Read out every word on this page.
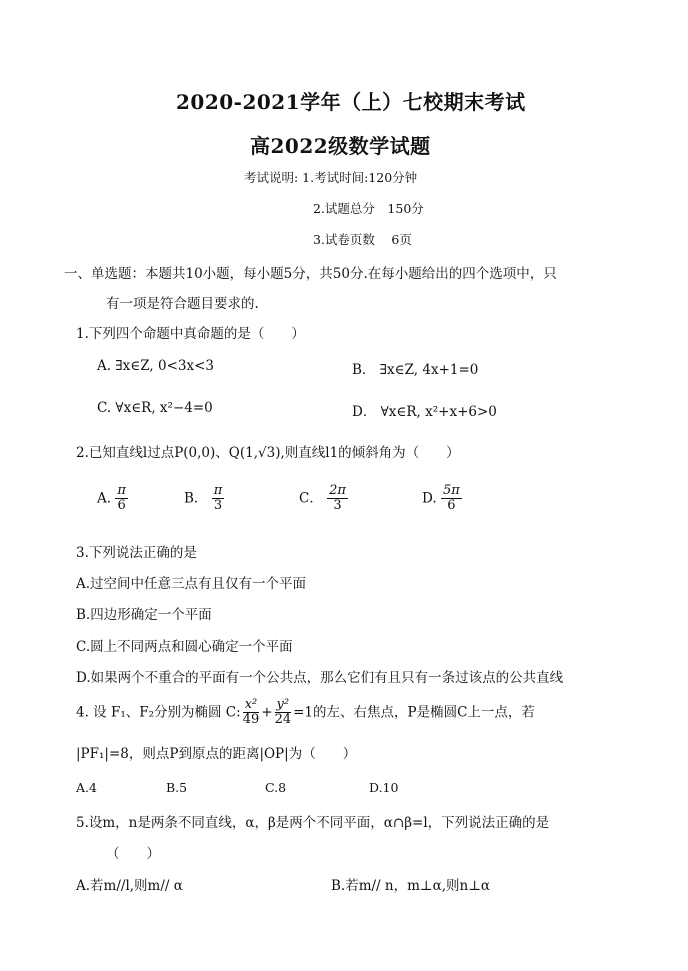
2020-2021学年（上）七校期末考试
高2022级数学试题
考试说明: 1.考试时间:120分钟
2.试题总分　150分
3.试卷页数　 6页
一、单选题：本题共10小题，每小题5分，共50分.在每小题给出的四个选项中，只
有一项是符合题目要求的.
1.下列四个命题中真命题的是（　　）
A. ∃x∈Z, 0<3x<3	B． ∃x∈Z, 4x+1=0
C. ∀x∈R, x²−4=0	D． ∀x∈R, x²+x+6>0
2.已知直线l过点P(0,0)、Q(1,√3),则直线l1的倾斜角为（　　）
A. $\frac{\pi}{6}$	B． $\frac{\pi}{3}$	C． $\frac{2\pi}{3}$	D. $\frac{5\pi}{6}$
3.下列说法正确的是
A.过空间中任意三点有且仅有一个平面
B.四边形确定一个平面
C.圆上不同两点和圆心确定一个平面
D.如果两个不重合的平面有一个公共点，那么它们有且只有一条过该点的公共直线
4. 设 F₁、F₂分别为椭圆 C: $\frac{\text{x²}}{49} + \frac{\text{y²}}{24} =1$的左、右焦点，P是椭圆C上一点，若
|PF₁|=8，则点P到原点的距离|OP|为（　　）
A.4	B.5	C.8	D.10
5.设m，n是两条不同直线，α，β是两个不同平面，α∩β=l，下列说法正确的是
（　　）
A.若m//l,则m// α	B.若m// n，m⊥α,则n⊥α
